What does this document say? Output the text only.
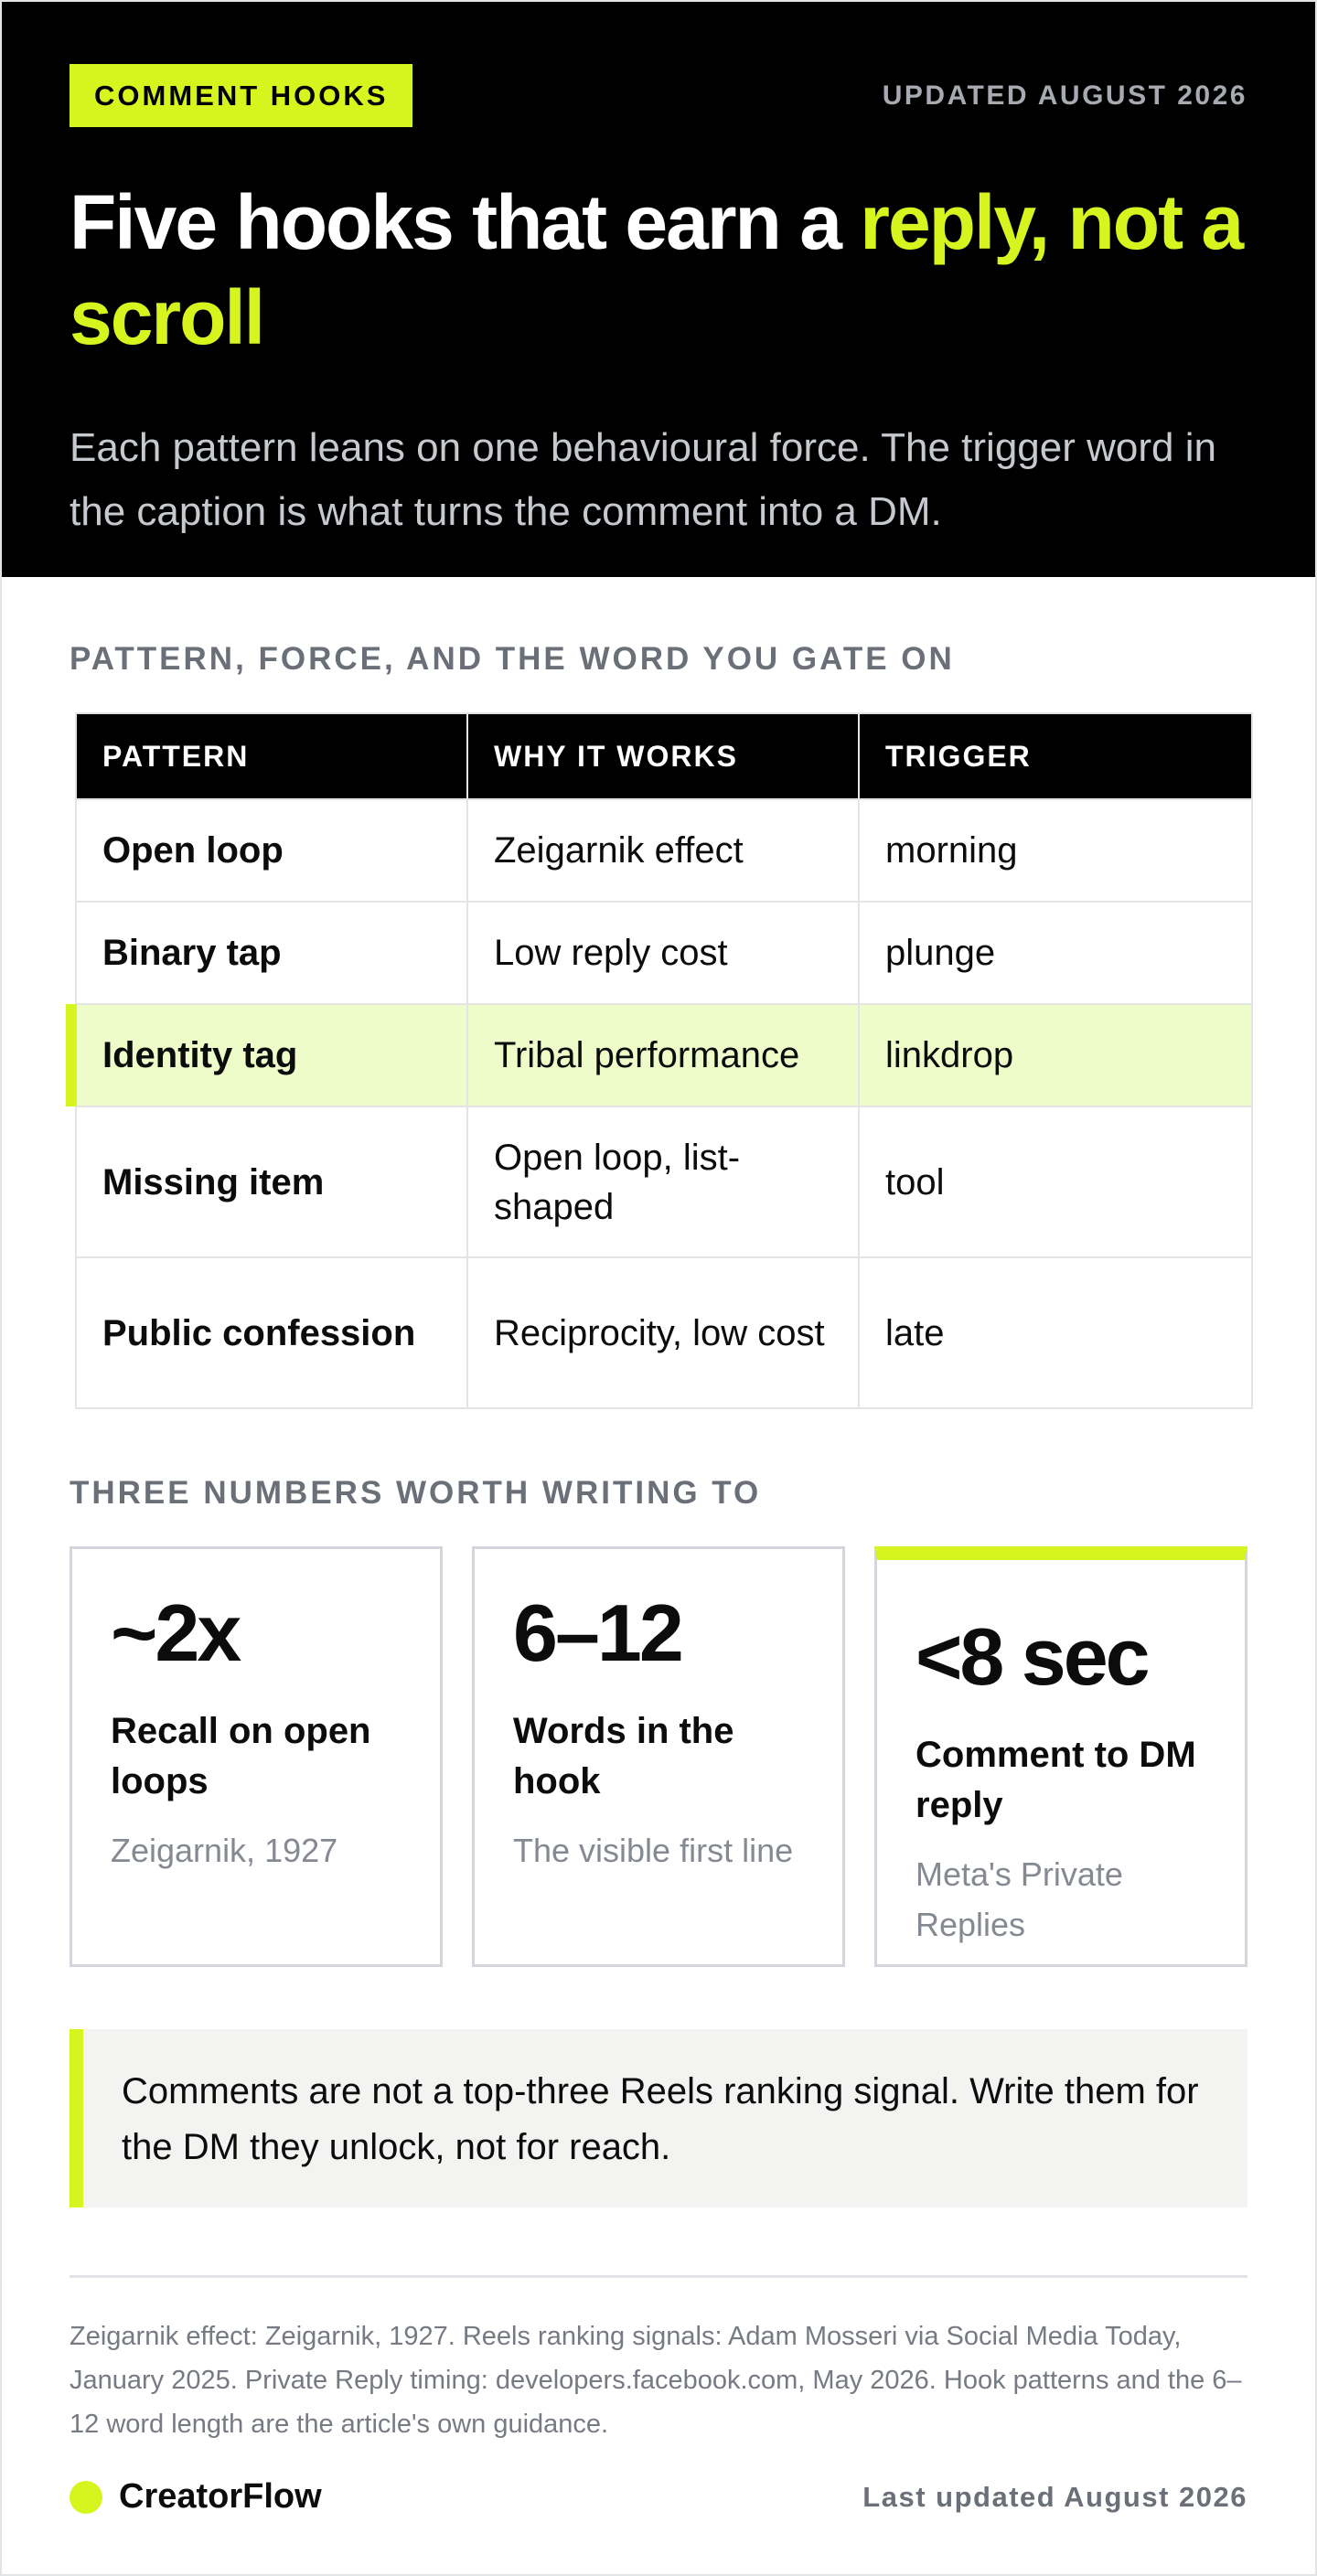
COMMENT HOOKS	UPDATED AUGUST 2026
Five hooks that earn a reply, not a scroll

Each pattern leans on one behavioural force. The trigger word in the caption is what turns the comment into a DM.

PATTERN, FORCE, AND THE WORD YOU GATE ON
PATTERN	WHY IT WORKS	TRIGGER
Open loop	Zeigarnik effect	morning
Binary tap	Low reply cost	plunge

Identity tag	Tribal performance	linkdrop
Missing item	Open loop, list-shaped	tool
Public confession	Reciprocity, low cost	late
THREE NUMBERS WORTH WRITING TO
~2x
Recall on open loops
Zeigarnik, 1927
6–12
Words in the hook
The visible first line
<8 sec
Comment to DM reply
Meta's Private Replies
Comments are not a top-three Reels ranking signal. Write them for the DM they unlock, not for reach.

Zeigarnik effect: Zeigarnik, 1927. Reels ranking signals: Adam Mosseri via Social Media Today, January 2025. Private Reply timing: developers.facebook.com, May 2026. Hook patterns and the 6–12 word length are the article's own guidance.

CreatorFlow	Last updated August 2026
